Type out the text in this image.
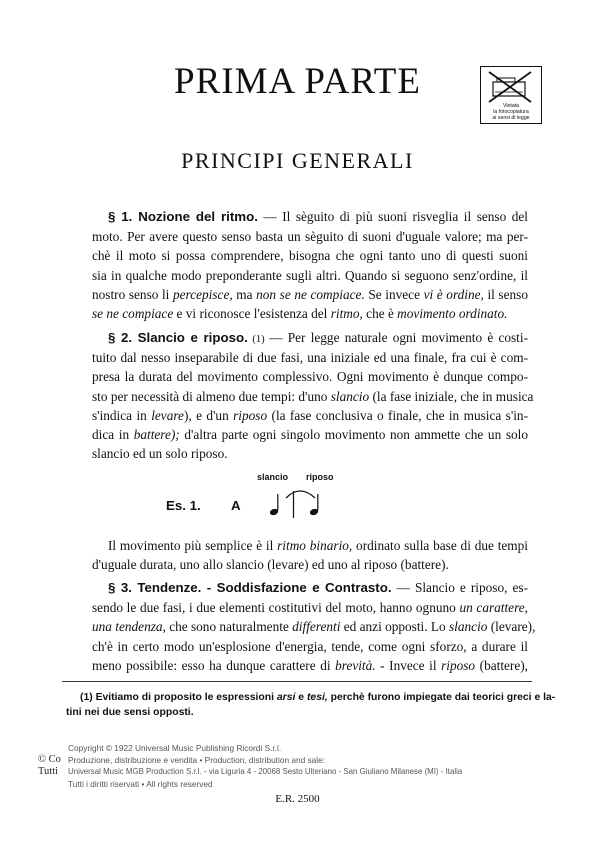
PRIMA PARTE
Vietata
la fotocopiatura
ai sensi di legge
PRINCIPI GENERALI
§ 1. Nozione del ritmo. — Il sèguito di più suoni risveglia il senso del
moto. Per avere questo senso basta un sèguito di suoni d'uguale valore; ma per-
chè il moto si possa comprendere, bisogna che ogni tanto uno di questi suoni
sia in qualche modo preponderante sugli altri. Quando si seguono senz'ordine, il
nostro senso li percepisce, ma non se ne compiace. Se invece vi è ordine, il senso
se ne compiace e vi riconosce l'esistenza del ritmo, che è movimento ordinato.
§ 2. Slancio e riposo. (1) — Per legge naturale ogni movimento è costi-
tuito dal nesso inseparabile di due fasi, una iniziale ed una finale, fra cui è com-
presa la durata del movimento complessivo. Ogni movimento è dunque compo-
sto per necessità di almeno due tempi: d'uno slancio (la fase iniziale, che in musica
s'indica in levare), e d'un riposo (la fase conclusiva o finale, che in musica s'in-
dica in battere); d'altra parte ogni singolo movimento non ammette che un solo
slancio ed un solo riposo.
slancio riposo
Es. 1. A
Il movimento più semplice è il ritmo binario, ordinato sulla base di due tempi
d'uguale durata, uno allo slancio (levare) ed uno al riposo (battere).
§ 3. Tendenze. - Soddisfazione e Contrasto. — Slancio e riposo, es-
sendo le due fasi, i due elementi costitutivi del moto, hanno ognuno un carattere,
una tendenza, che sono naturalmente differenti ed anzi opposti. Lo slancio (levare),
ch'è in certo modo un'esplosione d'energia, tende, come ogni sforzo, a durare il
meno possibile: esso ha dunque carattere di brevità. - Invece il riposo (battere),
(1) Evitiamo di proposito le espressioni arsi e tesi, perchè furono impiegate dai teorici greci e la-
tini nei due sensi opposti.
Copyright © 1922 Universal Music Publishing Ricordi S.r.l.
© Co Produzione, distribuzione e vendita • Production, distribution and sale:
Tutti Universal Music MGB Production S.r.l. - via Liguria 4 - 20068 Sesto Ulteriano - San Giuliano Milanese (MI) - Italia
Tutti i diritti riservati • All rights reserved
E.R. 2500
